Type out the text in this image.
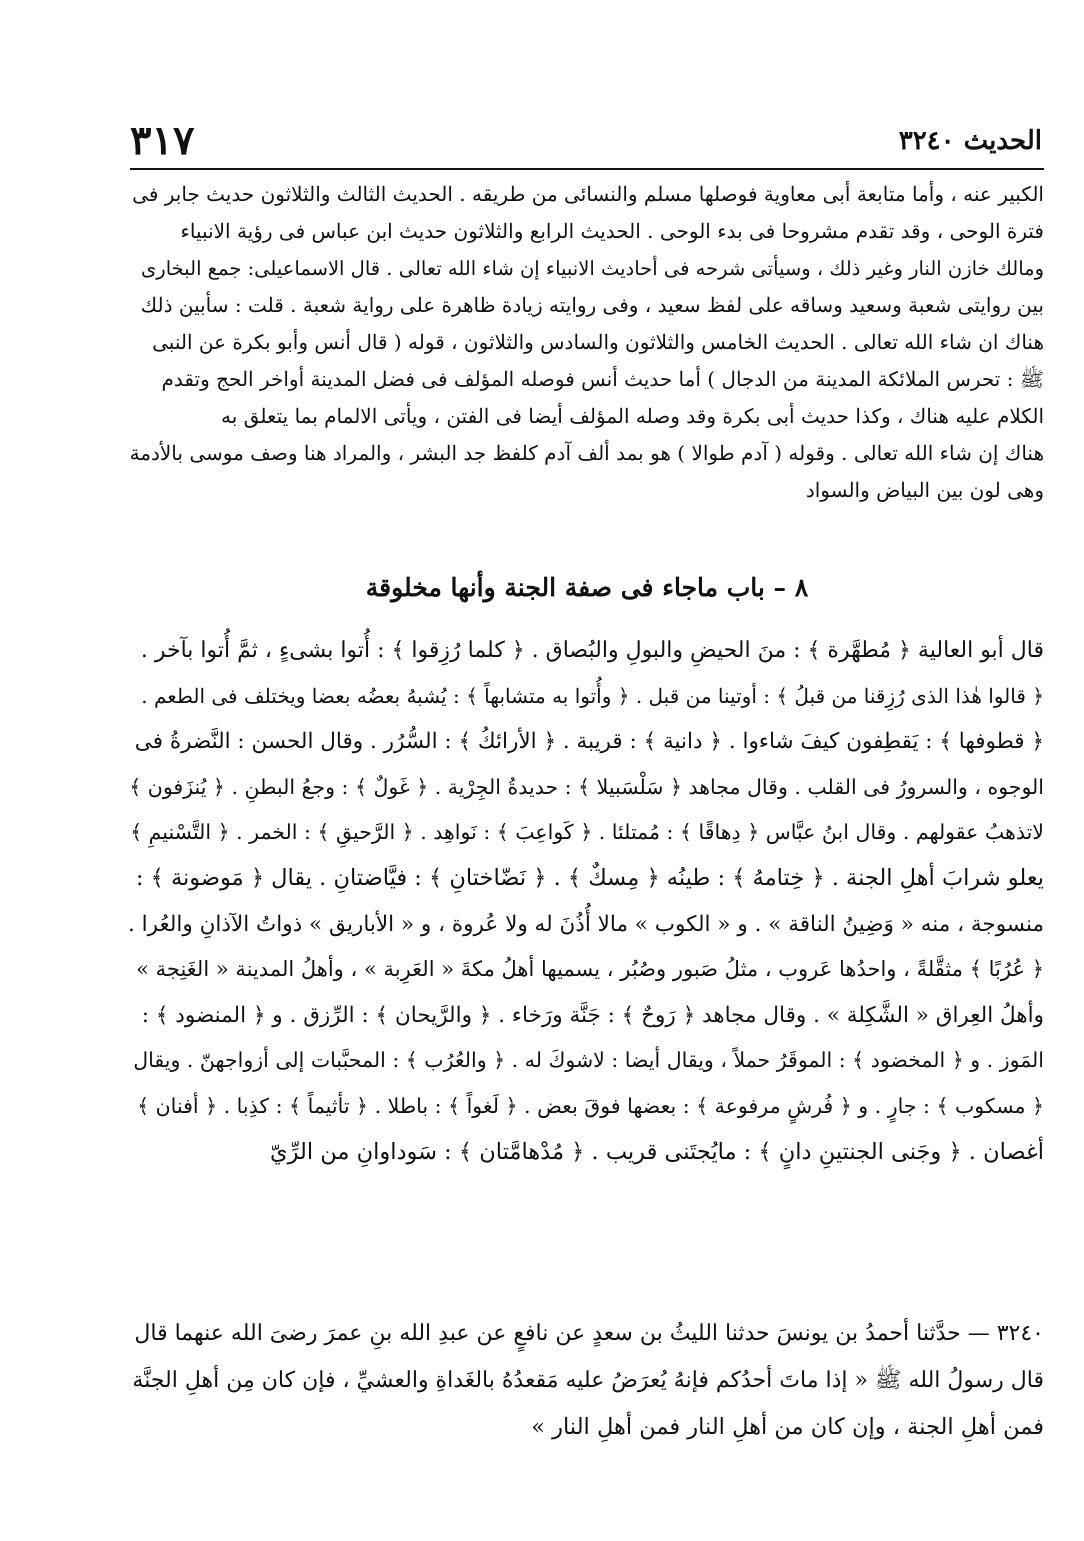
الحديث ٣٢٤٠
٣١٧
الكبير عنه ، وأما متابعة أبى معاوية فوصلها مسلم والنسائى من طريقه . الحديث الثالث والثلاثون حديث جابر فى
فترة الوحى ، وقد تقدم مشروحا فى بدء الوحى . الحديث الرابع والثلاثون حديث ابن عباس فى رؤية الانبياء
ومالك خازن النار وغير ذلك ، وسيأتى شرحه فى أحاديث الانبياء إن شاء الله تعالى . قال الاسماعيلى: جمع البخارى
بين روايتى شعبة وسعيد وساقه على لفظ سعيد ، وفى روايته زيادة ظاهرة على رواية شعبة . قلت : سأبين ذلك
هناك ان شاء الله تعالى . الحديث الخامس والثلاثون والسادس والثلاثون ، قوله ( قال أنس وأبو بكرة عن النبى
ﷺ : تحرس الملائكة المدينة من الدجال ) أما حديث أنس فوصله المؤلف فى فضل المدينة أواخر الحج وتقدم
الكلام عليه هناك ، وكذا حديث أبى بكرة وقد وصله المؤلف أيضا فى الفتن ، ويأتى الالمام بما يتعلق به
هناك إن شاء الله تعالى . وقوله ( آدم طوالا ) هو بمد ألف آدم كلفظ جد البشر ، والمراد هنا وصف موسى بالأدمة
وهى لون بين البياض والسواد
٨ – باب ماجاء فى صفة الجنة وأنها مخلوقة
قال أبو العالية ﴿ مُطهَّرة ﴾ : منَ الحيضِ والبولِ والبُصاق . ﴿ كلما رُزِقوا ﴾ : أُتوا بشىءٍ ، ثمَّ أُتوا بآخر .
﴿ قالوا هٰذا الذى رُزِقنا من قبلُ ﴾ : أوتينا من قبل . ﴿ وأُتوا به متشابهاً ﴾ : يُشبهُ بعضُه بعضا ويختلف فى الطعم .
﴿ قطوفها ﴾ : يَقطِفون كيفَ شاءوا . ﴿ دانية ﴾ : قريبة . ﴿ الأرائكُ ﴾ : السُّرُر . وقال الحسن : النَّضرةُ فى
الوجوه ، والسرورُ فى القلب . وقال مجاهد ﴿ سَلْسَبيلا ﴾ : حديدةُ الجِرْية . ﴿ غَولٌ ﴾ : وجعُ البطنِ . ﴿ يُنزَفون ﴾
لاتذهبُ عقولهم . وقال ابنُ عبَّاس ﴿ دِهاقًا ﴾ : مُمتلئا . ﴿ كَواعِبَ ﴾ : نَواهِد . ﴿ الرَّحيقِ ﴾ : الخمر . ﴿ التَّسْنيمِ ﴾
يعلو شرابَ أهلِ الجنة . ﴿ خِتامهُ ﴾ : طينُه ﴿ مِسكٌ ﴾ . ﴿ نَضّاختانِ ﴾ : فيَّاضتانِ . يقال ﴿ مَوضونة ﴾ :
منسوجة ، منه « وَضِينُ الناقة » . و « الكوب » مالا أُذُنَ له ولا عُروة ، و « الأباريق » ذواتُ الآذانِ والعُرا .
﴿ عُرُبًا ﴾ مثقَّلةً ، واحدُها عَروب ، مثلُ صَبور وصُبُر ، يسميها أهلُ مكةَ « العَرِبة » ، وأهلُ المدينة « الغَنِجة »
وأهلُ العِراق « الشَّكِلة » . وقال مجاهد ﴿ رَوحٌ ﴾ : جَنَّة ورَخاء . ﴿ والرَّيحان ﴾ : الرِّزق . و ﴿ المنضود ﴾ :
المَوز . و ﴿ المخضود ﴾ : الموقَرُ حملاً ، ويقال أيضا : لاشوكَ له . ﴿ والعُرُب ﴾ : المحبَّبات إلى أزواجهنّ . ويقال
﴿ مسكوب ﴾ : جارٍ . و ﴿ فُرشٍ مرفوعة ﴾ : بعضها فوقَ بعض . ﴿ لَغواً ﴾ : باطلا . ﴿ تأثيماً ﴾ : كذِبا . ﴿ أفنان ﴾
أغصان . ﴿ وجَنى الجنتينِ دانٍ ﴾ : مايُجتَنى قريب . ﴿ مُدْهامَّتان ﴾ : سَوداوانِ من الرِّيّ
٣٢٤٠ — حدَّثنا أحمدُ بن يونسَ حدثنا الليثُ بن سعدٍ عن نافعٍ عن عبدِ الله بنِ عمرَ رضىَ الله عنهما قال
قال رسولُ الله ﷺ « إذا ماتَ أحدُكم فإنهُ يُعرَضُ عليه مَقعدُهُ بالغَداةِ والعشيِّ ، فإن كان مِن أهلِ الجنَّة
فمن أهلِ الجنة ، وإن كان من أهلِ النار فمن أهلِ النار »
